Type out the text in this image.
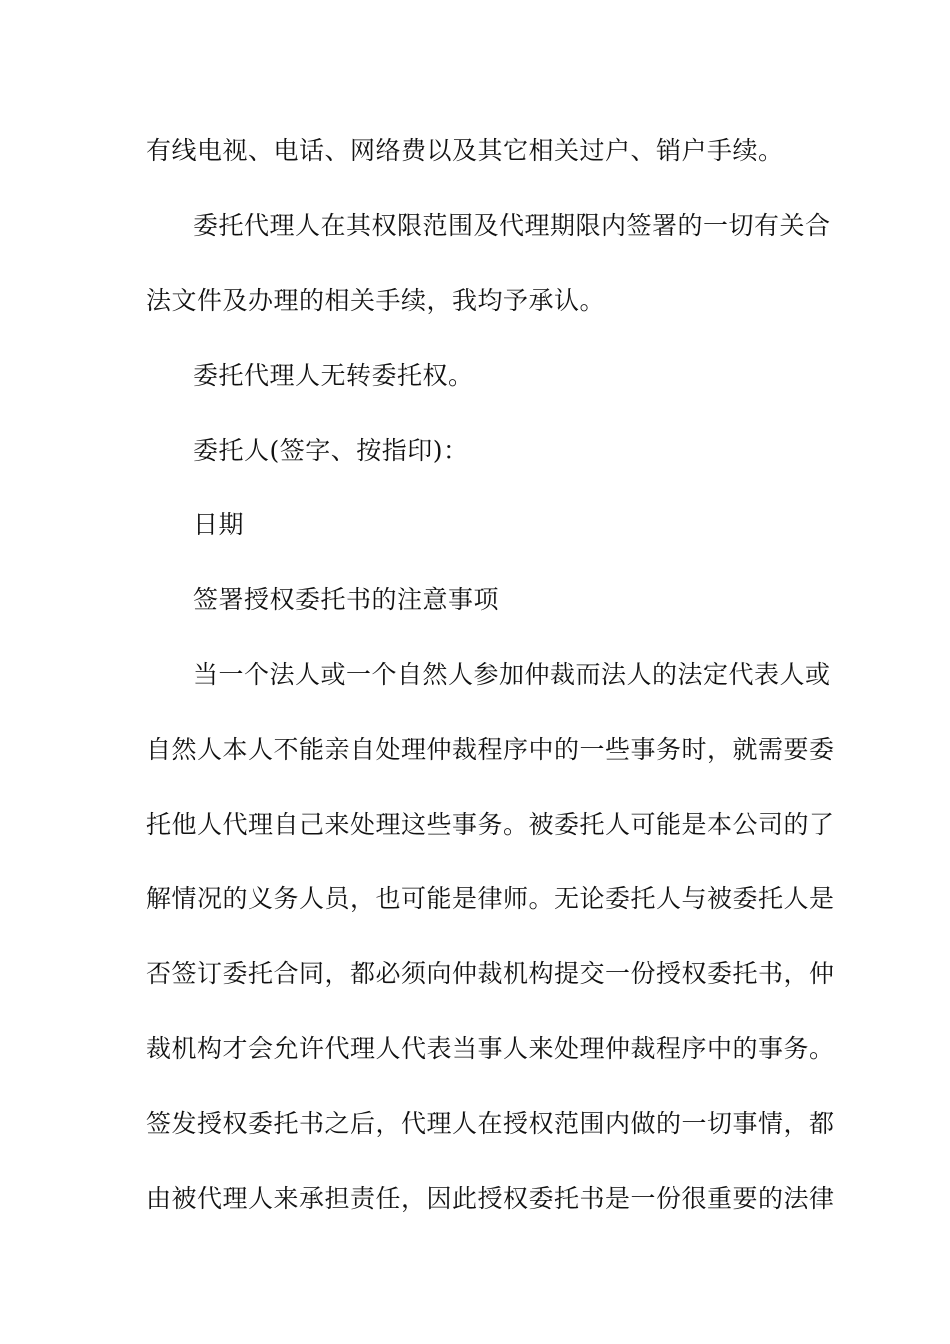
有线电视、电话、网络费以及其它相关过户、销户手续。

委托代理人在其权限范围及代理期限内签署的一切有关合

法文件及办理的相关手续，我均予承认。

委托代理人无转委托权。

委托人(签字、按指印)：

日期

签署授权委托书的注意事项

当一个法人或一个自然人参加仲裁而法人的法定代表人或

自然人本人不能亲自处理仲裁程序中的一些事务时，就需要委

托他人代理自己来处理这些事务。被委托人可能是本公司的了

解情况的义务人员，也可能是律师。无论委托人与被委托人是

否签订委托合同，都必须向仲裁机构提交一份授权委托书，仲

裁机构才会允许代理人代表当事人来处理仲裁程序中的事务。

签发授权委托书之后，代理人在授权范围内做的一切事情，都

由被代理人来承担责任，因此授权委托书是一份很重要的法律
